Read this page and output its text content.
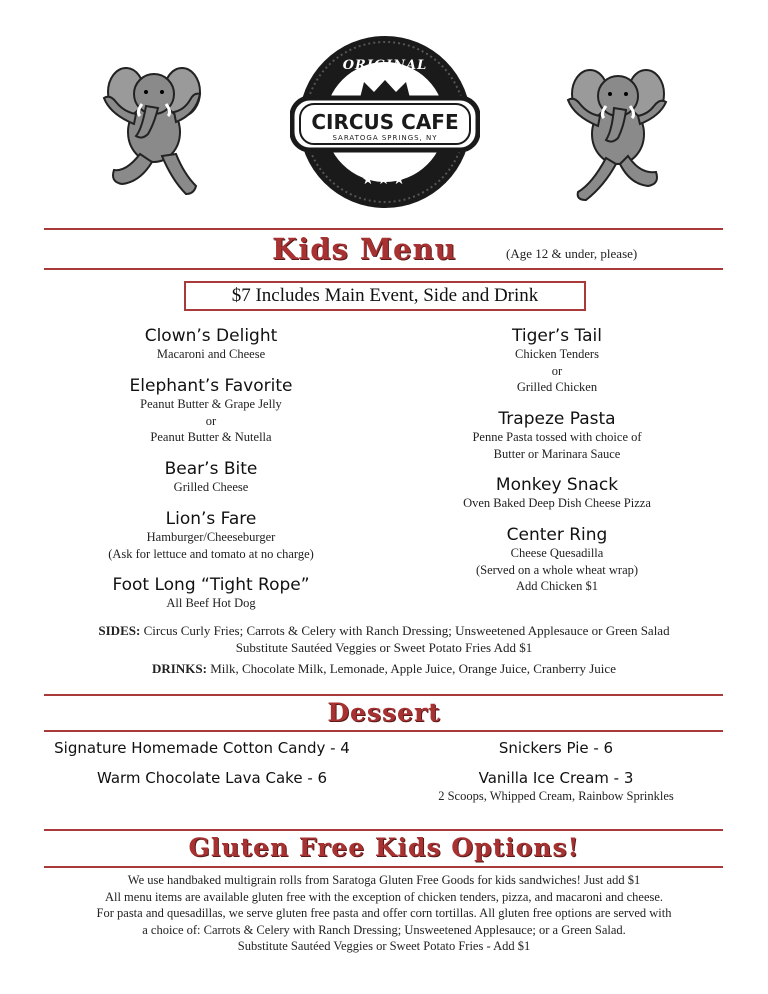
ORIGINAL
CIRCUS CAFE
SARATOGA SPRINGS, NY
★★★
Kids Menu	(Age 12 & under, please)
$7 Includes Main Event, Side and Drink
Clown’s Delight
Macaroni and Cheese
Elephant’s Favorite
Peanut Butter & Grape Jelly
or
Peanut Butter & Nutella
Bear’s Bite
Grilled Cheese
Lion’s Fare
Hamburger/Cheeseburger
(Ask for lettuce and tomato at no charge)
Foot Long “Tight Rope”
All Beef Hot Dog
Tiger’s Tail
Chicken Tenders
or
Grilled Chicken
Trapeze Pasta
Penne Pasta tossed with choice of
Butter or Marinara Sauce
Monkey Snack
Oven Baked Deep Dish Cheese Pizza
Center Ring
Cheese Quesadilla
(Served on a whole wheat wrap)
Add Chicken $1
SIDES: Circus Curly Fries; Carrots & Celery with Ranch Dressing; Unsweetened Applesauce or Green Salad
Substitute Sautéed Veggies or Sweet Potato Fries Add $1
DRINKS: Milk, Chocolate Milk, Lemonade, Apple Juice, Orange Juice, Cranberry Juice
Dessert
Signature Homemade Cotton Candy - 4
Warm Chocolate Lava Cake - 6
Snickers Pie - 6
Vanilla Ice Cream - 3
2 Scoops, Whipped Cream, Rainbow Sprinkles
Gluten Free Kids Options!
We use handbaked multigrain rolls from Saratoga Gluten Free Goods for kids sandwiches! Just add $1
All menu items are available gluten free with the exception of chicken tenders, pizza, and macaroni and cheese.
For pasta and quesadillas, we serve gluten free pasta and offer corn tortillas. All gluten free options are served with
a choice of: Carrots & Celery with Ranch Dressing; Unsweetened Applesauce; or a Green Salad.
Substitute Sautéed Veggies or Sweet Potato Fries - Add $1
